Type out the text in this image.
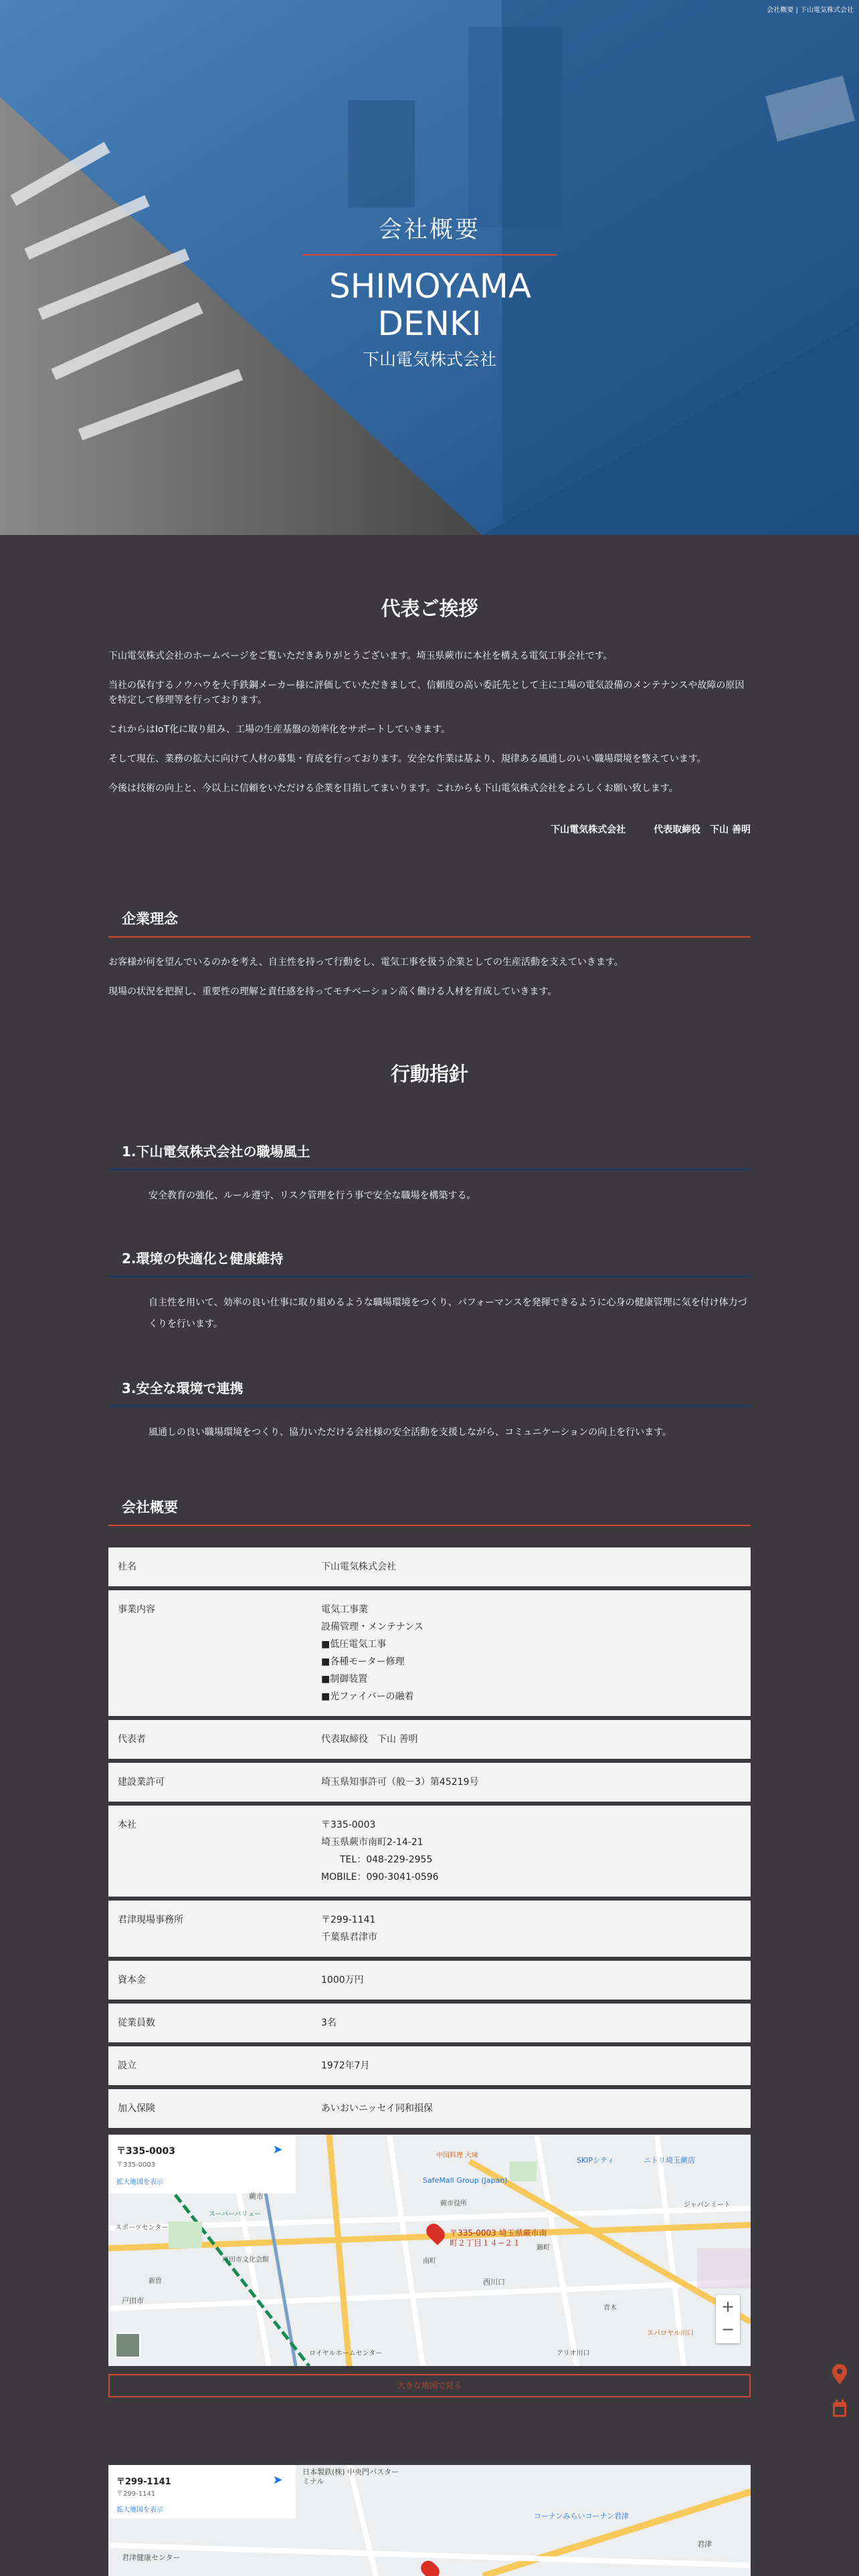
会社概要 | 下山電気株式会社
会社概要
SHIMOYAMA
DENKI
下山電気株式会社
代表ご挨拶

下山電気株式会社のホームページをご覧いただきありがとうございます。埼玉県蕨市に本社を構える電気工事会社です。

当社の保有するノウハウを大手鉄鋼メーカー様に評価していただきまして、信頼度の高い委託先として主に工場の電気設備のメンテナンスや故障の原因を特定して修理等を行っております。

これからはIoT化に取り組み、工場の生産基盤の効率化をサポートしていきます。

そして現在、業務の拡大に向けて人材の募集・育成を行っております。安全な作業は基より、規律ある風通しのいい職場環境を整えています。

今後は技術の向上と、今以上に信頼をいただける企業を目指してまいります。これからも下山電気株式会社をよろしくお願い致します。

下山電気株式会社　　　代表取締役　下山 善明

企業理念

お客様が何を望んでいるのかを考え、自主性を持って行動をし、電気工事を扱う企業としての生産活動を支えていきます。

現場の状況を把握し、重要性の理解と責任感を持ってモチベーション高く働ける人材を育成していきます。

行動指針
1.下山電気株式会社の職場風土
安全教育の強化、ルール遵守、リスク管理を行う事で安全な職場を構築する。
2.環境の快適化と健康維持
自主性を用いて、効率の良い仕事に取り組めるような職場環境をつくり、パフォーマンスを発揮できるように心身の健康管理に気を付け体力づくりを行います。
3.安全な環境で連携
風通しの良い職場環境をつくり、協力いただける会社様の安全活動を支援しながら、コミュニケーションの向上を行います。
会社概要
社名	下山電気株式会社
事業内容	電気工事業
設備管理・メンテナンス
■低圧電気工事
■各種モーター修理
■制御装置
■光ファイバーの融着
代表者	代表取締役　下山 善明
建設業許可	埼玉県知事許可（般－3）第45219号
本社	〒335-0003
埼玉県蕨市南町2-14-21
　　TEL：048-229-2955
MOBILE：090-3041-0596
君津現場事務所	〒299-1141
千葉県君津市
資本金	1000万円
従業員数	3名
設立	1972年7月
加入保険	あいおいニッセイ同和損保
〒335-0003
〒335-0003
拡大地図を表示
➤
〒335-0003 埼玉県蕨市南町２丁目１４−２１
蕨市
中国料理 大味
SafeMall Group (Japan)
SKIPシティ	ニトリ埼玉蕨店
蕨市役所
西川口
スーパーバリュー
戸田市文化会館
スポーツセンター
ロイヤルホームセンター	アリオ川口
スパロヤル川口
ジャパンミート
青木
新曽
南町
錦町
戸田市	+
−
大きな地図で見る
〒299-1141
〒299-1141
拡大地図を表示
➤
日本製鉄(株) 中央門バスターミナル
コーナンみらいコーナン君津
君津健康センター
君津
